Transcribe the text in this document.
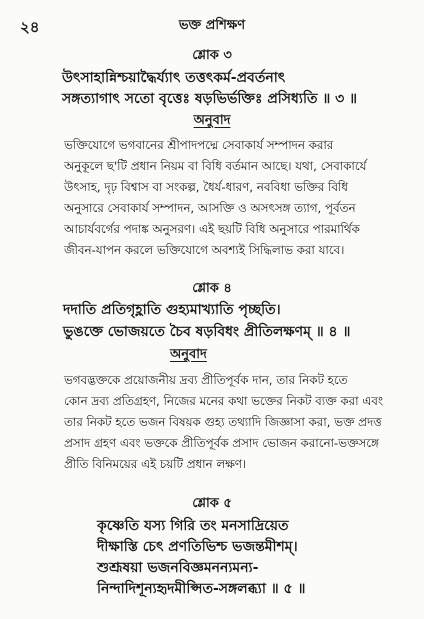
২৪	ভক্ত প্রশিক্ষণ
শ্লোক ৩
উৎসাহান্নিশ্চয়াদ্ধৈর্য্যাৎ তত্তৎকর্ম-প্রবর্তনাৎ
সঙ্গত্যাগাৎ সতো বৃত্তেঃ ষড়ভির্ভক্তিঃ প্রসিধ্যতি ॥ ৩ ॥
অনুবাদ
ভক্তিযোগে ভগবানের শ্রীপাদপদ্মে সেবাকার্য সম্পাদন করার
অনুকূলে ছ'টি প্রধান নিয়ম বা বিধি বর্তমান আছে। যথা, সেবাকার্যে
উৎসাহ, দৃঢ় বিশ্বাস বা সংকল্প, ধৈর্য-ধারণ, নববিধা ভক্তির বিধি
অনুসারে সেবাকার্য সম্পাদন, আসক্তি ও অসৎসঙ্গ ত্যাগ, পূর্বতন
আচার্যবর্গের পদাঙ্ক অনুসরণ। এই ছয়টি বিধি অনুসারে পারমার্থিক
জীবন-যাপন করলে ভক্তিযোগে অবশ্যই সিদ্ধিলাভ করা যাবে।
শ্লোক ৪
দদাতি প্রতিগৃহ্ণাতি গুহ্যমাখ্যাতি পৃচ্ছতি।
ভুঙক্তে ভোজয়তে চৈব ষড়বিধং প্রীতিলক্ষণম্ ॥ ৪ ॥
অনুবাদ
ভগবদ্ভক্তকে প্রয়োজনীয় দ্রব্য প্রীতিপূর্বক দান, তার নিকট হতে
কোন দ্রব্য প্রতিগ্রহণ, নিজের মনের কথা ভক্তের নিকট ব্যক্ত করা এবং
তার নিকট হতে ভজন বিষয়ক গুহ্য তথ্যাদি জিজ্ঞাসা করা, ভক্ত প্রদত্ত
প্রসাদ গ্রহণ এবং ভক্তকে প্রীতিপূর্বক প্রসাদ ভোজন করানো-ভক্তসঙ্গে
প্রীতি বিনিময়ের এই চয়টি প্রধান লক্ষণ।
শ্লোক ৫
কৃষ্ণেতি যস্য গিরি তং মনসাদ্রিয়েত
দীক্ষাস্তি চেৎ প্রণতিভিশ্চ ভজন্তমীশম্।
শুশ্রূষয়া ভজনবিজ্ঞমনন্যমন্য-
নিন্দাদিশূন্যহৃদমীপ্সিত-সঙ্গলব্ধ্যা ॥ ৫ ॥
